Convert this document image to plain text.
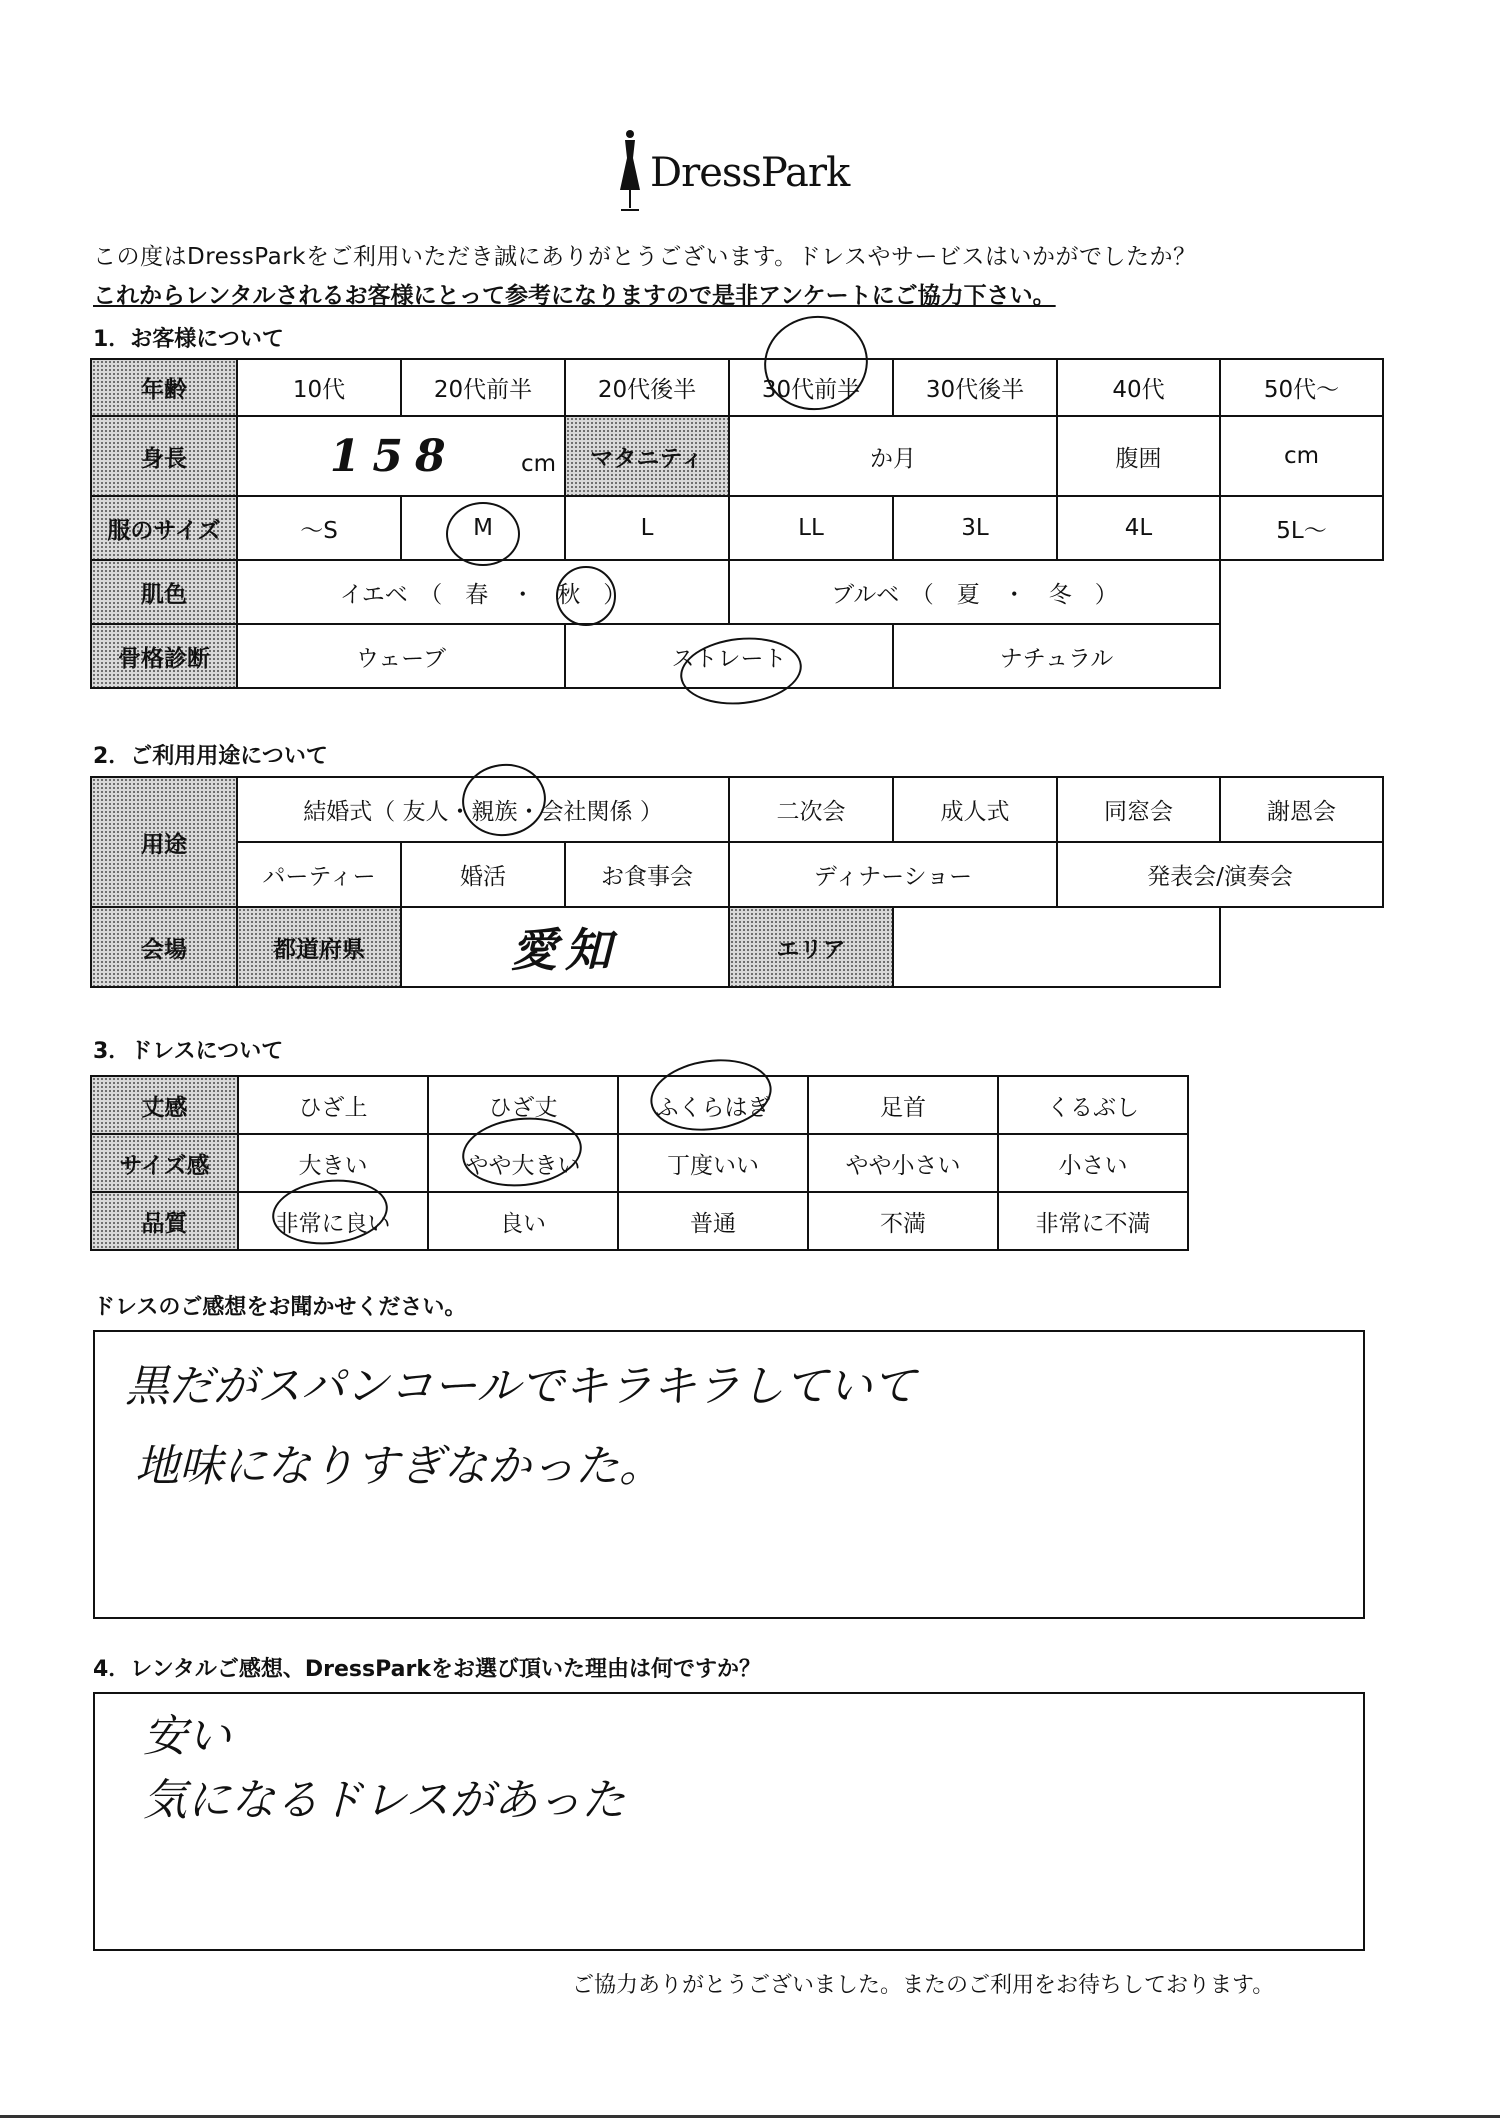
DressPark
この度はDressParkをご利用いただき誠にありがとうございます。ドレスやサービスはいかがでしたか？
これからレンタルされるお客様にとって参考になりますので是非アンケートにご協力下さい。
1．お客様について
年齢	10代	20代前半	20代後半	30代前半	30代後半	40代	50代～
身長	158 cm		マタニティ	か月		腹囲	cm
服のサイズ	～S	M	L	LL	3L	4L	5L～
肌色	イエベ　（　春　・　秋　）			ブルベ　（　夏　・　冬　）			
骨格診断	ウェーブ		ストレート		ナチュラル		
2．ご利用用途について
用途	結婚式（ 友人・親族・会社関係 ）			二次会	成人式	同窓会	謝恩会
	パーティー	婚活	お食事会	ディナーショー		発表会/演奏会	
会場	都道府県	愛知		エリア			
3．ドレスについて
丈感	ひざ上	ひざ丈	ふくらはぎ	足首	くるぶし
サイズ感	大きい	やや大きい	丁度いい	やや小さい	小さい
品質	非常に良い	良い	普通	不満	非常に不満
ドレスのご感想をお聞かせください。
黒だがスパンコールでキラキラしていて
地味になりすぎなかった。
4．レンタルご感想、DressParkをお選び頂いた理由は何ですか？
安い
気になるドレスがあった
ご協力ありがとうございました。またのご利用をお待ちしております。
